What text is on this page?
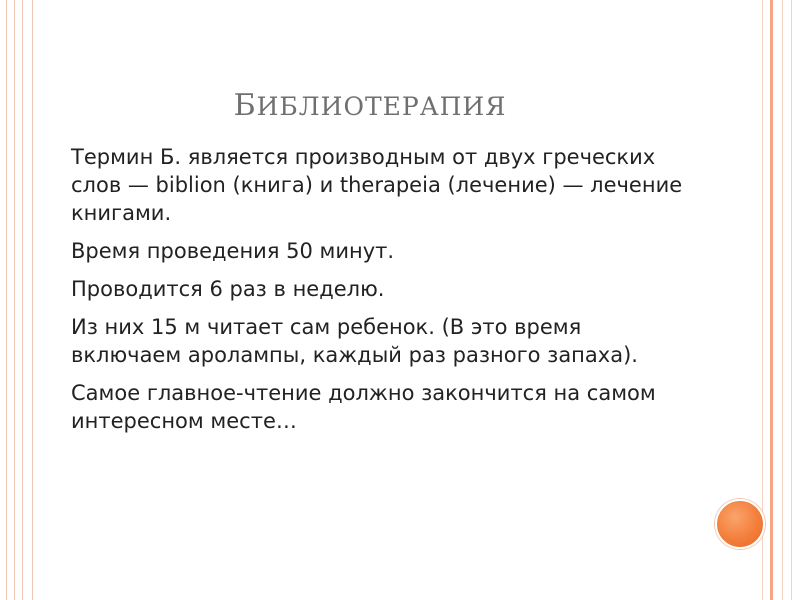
БИБЛИОТЕРАПИЯ
Термин Б. является производным от двух греческих слов — biblion (книга) и therapeia (лечение) — лечение книгами.
Время проведения 50 минут.
Проводится 6 раз в неделю.
Из них 15 м читает сам ребенок. (В это время включаем аролампы, каждый раз разного запаха).
Самое главное-чтение должно закончится на самом интересном месте…
